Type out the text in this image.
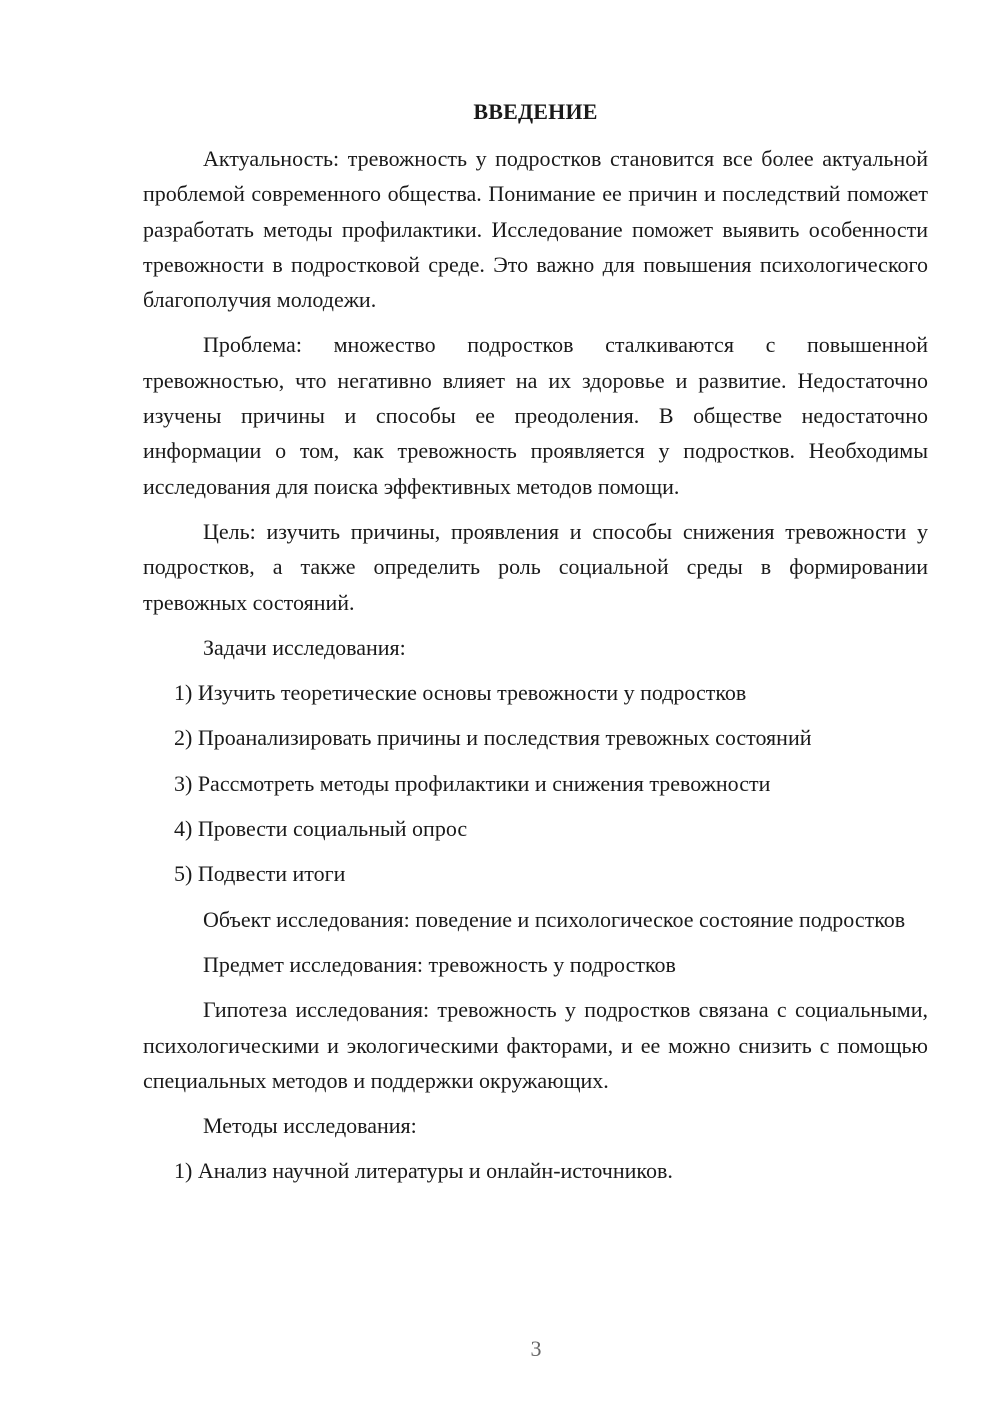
ВВЕДЕНИЕ

Актуальность: тревожность у подростков становится все более актуальной проблемой современного общества. Понимание ее причин и последствий поможет разработать методы профилактики. Исследование поможет выявить особенности тревожности в подростковой среде. Это важно для повышения психологического благополучия молодежи.

Проблема: множество подростков сталкиваются с повышенной тревожностью, что негативно влияет на их здоровье и развитие. Недостаточно изучены причины и способы ее преодоления. В обществе недостаточно информации о том, как тревожность проявляется у подростков. Необходимы исследования для поиска эффективных методов помощи.

Цель: изучить причины, проявления и способы снижения тревожности у подростков, а также определить роль социальной среды в формировании тревожных состояний.

Задачи исследования:

1) Изучить теоретические основы тревожности у подростков

2) Проанализировать причины и последствия тревожных состояний

3) Рассмотреть методы профилактики и снижения тревожности

4) Провести социальный опрос

5) Подвести итоги

Объект исследования: поведение и психологическое состояние подростков

Предмет исследования: тревожность у подростков

Гипотеза исследования: тревожность у подростков связана с социальными, психологическими и экологическими факторами, и ее можно снизить с помощью специальных методов и поддержки окружающих.

Методы исследования:

1) Анализ научной литературы и онлайн-источников.

3
